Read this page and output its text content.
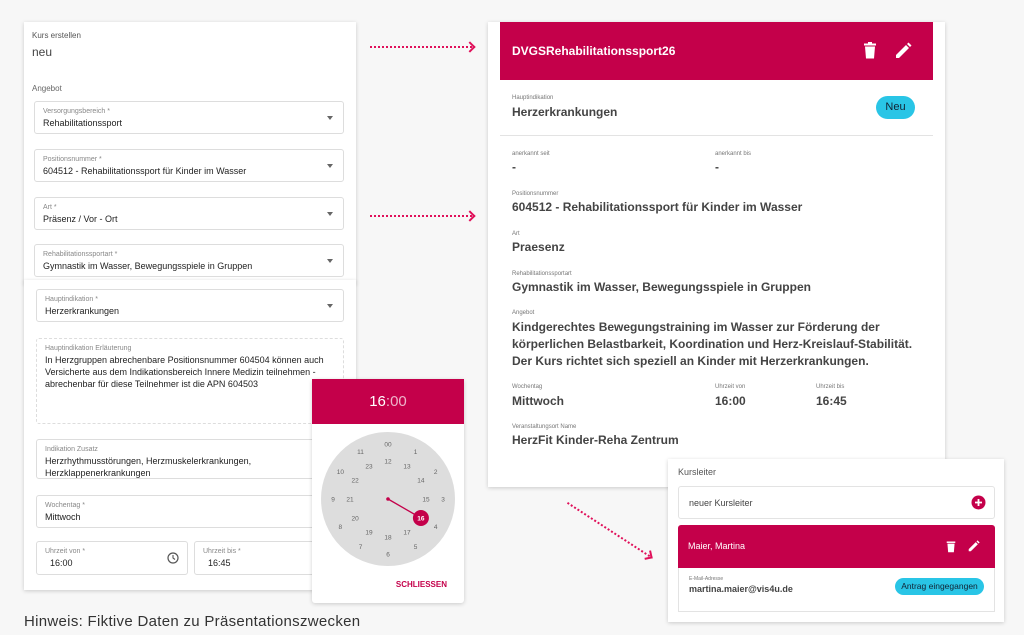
Kurs erstellen
neu
Angebot
Versorgungsbereich *
Rehabilitationssport
Positionsnummer *
604512 - Rehabilitationssport für Kinder im Wasser
Art *
Präsenz / Vor - Ort
Rehabilitationssportart *
Gymnastik im Wasser, Bewegungsspiele in Gruppen
Hauptindikation *
Herzerkrankungen
Hauptindikation Erläuterung
In Herzgruppen abrechenbare Positionsnummer 604504 können auch Versicherte aus dem Indikationsbereich Innere Medizin teilnehmen - abrechenbar für diese Teilnehmer ist die APN 604503
Indikation Zusatz
Herzrhythmusstörungen, Herzmuskelerkrankungen, Herzklappenerkrankungen
Wochentag *
Mittwoch
Uhrzeit von *
16:00
Uhrzeit bis *
16:45
16:00
00
1
2
3
4
5
6
7
8
9
10
11
12
13
14
15
16
17
18
19
20
21
22
23
SCHLIESSEN
DVGSRehabilitationssport26
Hauptindikation
Herzerkrankungen	Neu
anerkannt seit
-
anerkannt bis
-
Positionsnummer
604512 - Rehabilitationssport für Kinder im Wasser
Art
Praesenz
Rehabilitationssportart
Gymnastik im Wasser, Bewegungsspiele in Gruppen
Angebot
Kindgerechtes Bewegungstraining im Wasser zur Förderung der körperlichen Belastbarkeit, Koordination und Herz-Kreislauf-Stabilität. Der Kurs richtet sich speziell an Kinder mit Herzerkrankungen.
Wochentag
Mittwoch
Uhrzeit von
16:00
Uhrzeit bis
16:45
Veranstaltungsort Name
HerzFit Kinder-Reha Zentrum
Kursleiter
neuer Kursleiter
Maier, Martina
E-Mail-Adresse
martina.maier@vis4u.de	Antrag eingegangen
Hinweis: Fiktive Daten zu Präsentationszwecken
